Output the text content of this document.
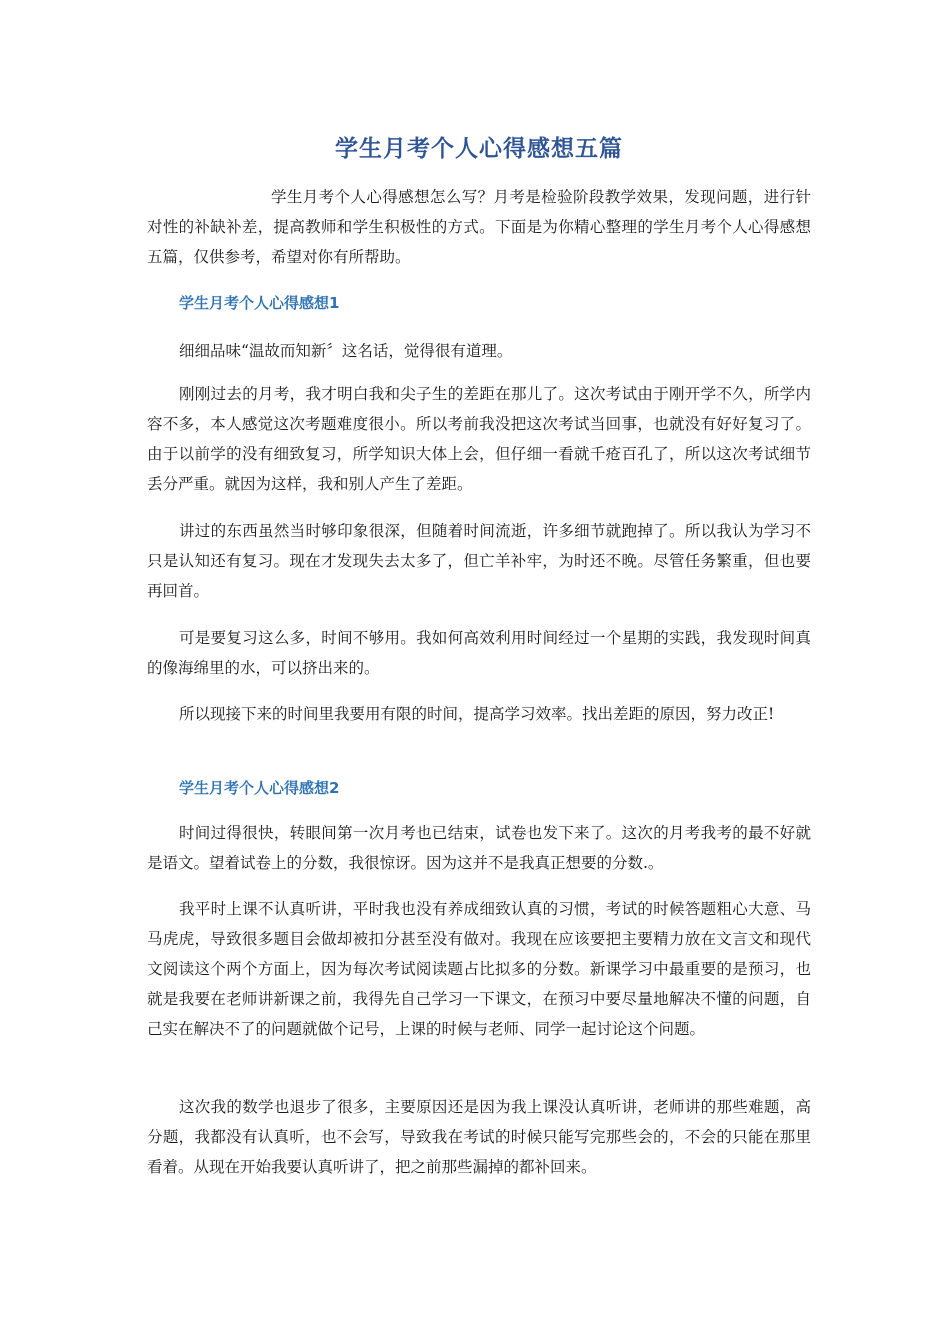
学生月考个人心得感想五篇
学生月考个人心得感想怎么写？月考是检验阶段教学效果，发现问题，进行针对性的补缺补差，提高教师和学生积极性的方式。下面是为你精心整理的学生月考个人心得感想五篇，仅供参考，希望对你有所帮助。
学生月考个人心得感想1
细细品味“温故而知新〞这名话，觉得很有道理。
刚刚过去的月考，我才明白我和尖子生的差距在那儿了。这次考试由于刚开学不久，所学内容不多，本人感觉这次考题难度很小。所以考前我没把这次考试当回事，也就没有好好复习了。由于以前学的没有细致复习，所学知识大体上会，但仔细一看就千疮百孔了，所以这次考试细节丢分严重。就因为这样，我和别人产生了差距。
讲过的东西虽然当时够印象很深，但随着时间流逝，许多细节就跑掉了。所以我认为学习不只是认知还有复习。现在才发现失去太多了，但亡羊补牢，为时还不晚。尽管任务繁重，但也要再回首。
可是要复习这么多，时间不够用。我如何高效利用时间经过一个星期的实践，我发现时间真的像海绵里的水，可以挤出来的。
所以现接下来的时间里我要用有限的时间，提高学习效率。找出差距的原因，努力改正!
学生月考个人心得感想2
时间过得很快，转眼间第一次月考也已结束，试卷也发下来了。这次的月考我考的最不好就是语文。望着试卷上的分数，我很惊讶。因为这并不是我真正想要的分数.。
我平时上课不认真听讲，平时我也没有养成细致认真的习惯，考试的时候答题粗心大意、马马虎虎，导致很多题目会做却被扣分甚至没有做对。我现在应该要把主要精力放在文言文和现代文阅读这个两个方面上，因为每次考试阅读题占比拟多的分数。新课学习中最重要的是预习，也就是我要在老师讲新课之前，我得先自己学习一下课文，在预习中要尽量地解决不懂的问题，自己实在解决不了的问题就做个记号，上课的时候与老师、同学一起讨论这个问题。
这次我的数学也退步了很多，主要原因还是因为我上课没认真听讲，老师讲的那些难题，高分题，我都没有认真听，也不会写，导致我在考试的时候只能写完那些会的，不会的只能在那里看着。从现在开始我要认真听讲了，把之前那些漏掉的都补回来。
